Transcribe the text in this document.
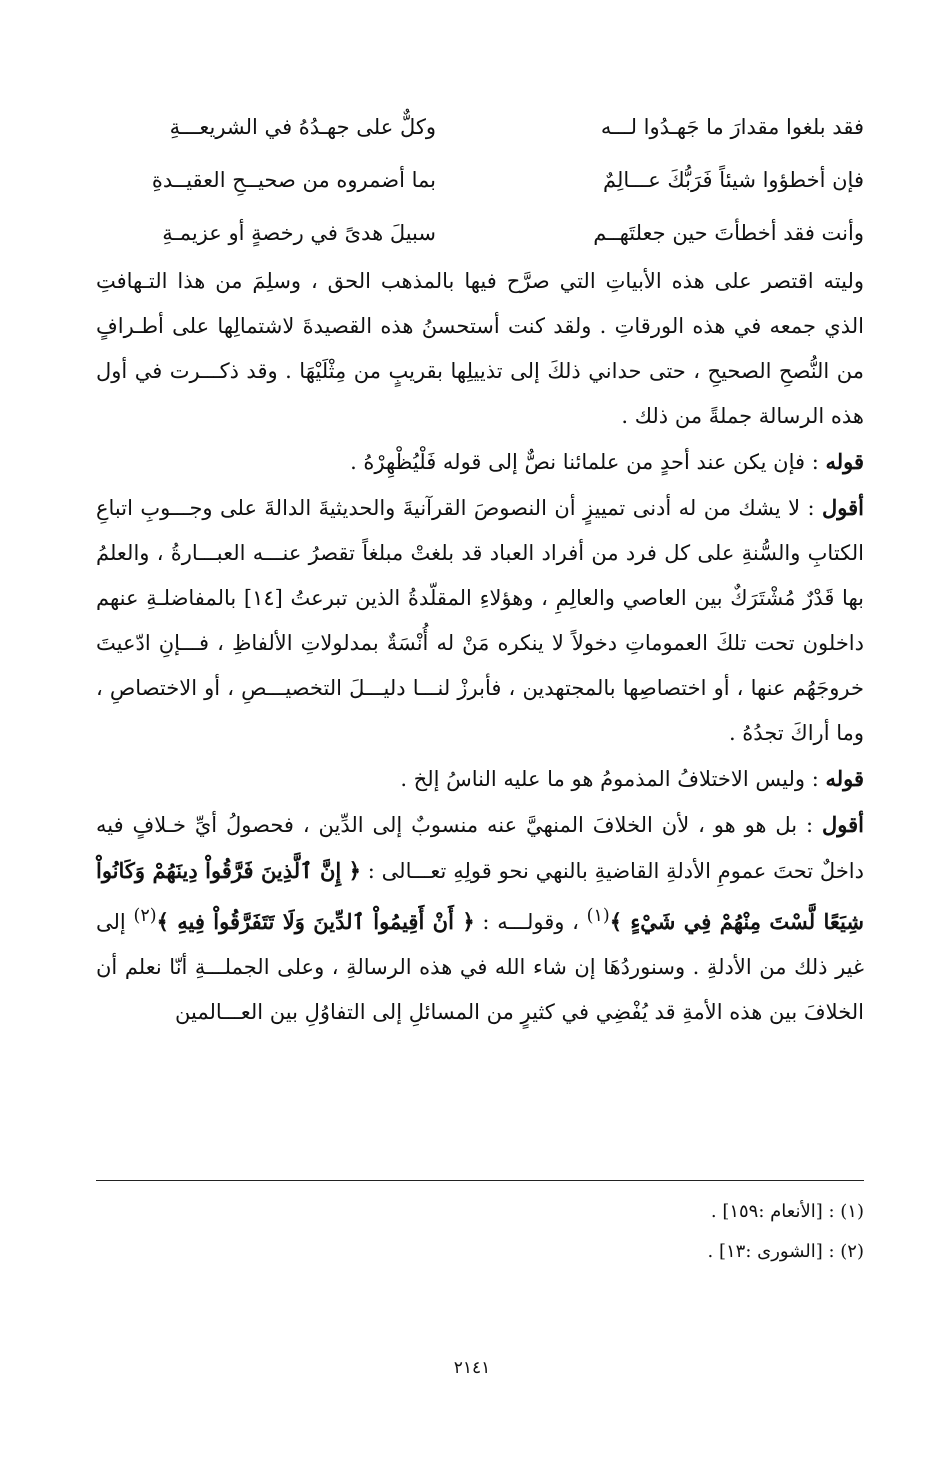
فقد بلغوا مقدارَ ما جَهـدُوا لـــه
وكلٌّ على جهـدُهُ في الشريعـــةِ
فإن أخطؤوا شيئاً فَرَبُّكَ عـــالِمٌ
بما أضمروه من صحيــحِ العقيــدةِ
وأنت فقد أخطأتَ حين جعلتَهــم
سبيلَ هدىً في رخصةٍ أو عزيمـةِ

وليته اقتصر على هذه الأبياتِ التي صرَّح فيها بالمذهب الحق ، وسلِمَ من هذا التـهافتِ الذي جمعه في هذه الورقاتِ . ولقد كنت أستحسنُ هذه القصيدةَ لاشتمالِها على أطـرافٍ من النُّصحِ الصحيحِ ، حتى حداني ذلكَ إلى تذييلِها بقريبٍ من مِثْلَيْهَا . وقد ذكـــرت في أول هذه الرسالة جملةً من ذلك .

قوله : فإن يكن عند أحدٍ من علمائنا نصٌّ إلى قوله فَلْيُظْهِرْهُ .

أقول : لا يشك من له أدنى تمييزٍ أن النصوصَ القرآنيةَ والحديثيةَ الدالةَ على وجـــوبِ اتباعِ الكتابِ والسُّنةِ على كل فرد من أفراد العباد قد بلغتْ مبلغاً تقصرُ عنـــه العبـــارةُ ، والعلمُ بها قَدْرٌ مُشْتَرَكٌ بين العاصي والعالِمِ ، وهؤلاءِ المقلّدةُ الذين تبرعتُ [١٤] بالمفاضلـةِ عنهم داخلون تحت تلكَ العموماتِ دخولاً لا ينكره مَنْ له أُنْسَةٌ بمدلولاتِ الألفاظِ ، فـــإنِ ادّعيتَ خروجَهُم عنها ، أو اختصاصِها بالمجتهدين ، فأبرزْ لنـــا دليـــلَ التخصيـــصِ ، أو الاختصاصِ ، وما أراكَ تجدُهُ .

قوله : وليس الاختلافُ المذمومُ هو ما عليه الناسُ إلخ .

أقول : بل هو هو ، لأن الخلافَ المنهيَّ عنه منسوبٌ إلى الدِّين ، فحصولُ أيِّ خـلافٍ فيه داخلٌ تحتَ عمومِ الأدلةِ القاضيةِ بالنهي نحو قولِهِ تعـــالى : ﴿ إِنَّ ٱلَّذِينَ فَرَّقُواْ دِينَهُمْ وَكَانُواْ شِيَعًا لَّسْتَ مِنْهُمْ فِي شَيْءٍ ﴾$^{(١)}$ ، وقولـــه : ﴿ أَنْ أَقِيمُواْ ٱلدِّينَ وَلَا تَتَفَرَّقُواْ فِيهِ ﴾$^{(٢)}$ إلى غير ذلك من الأدلةِ . وسنوردُهَا إن شاء الله في هذه الرسالةِ ، وعلى الجملـــةِ أنّا نعلم أن الخلافَ بين هذه الأمةِ قد يُفْضِي في كثيرٍ من المسائلِ إلى التفاوُلِ بين العـــالمين

(١) : [الأنعام :١٥٩] .
(٢) : [الشورى :١٣] .
٢١٤١
